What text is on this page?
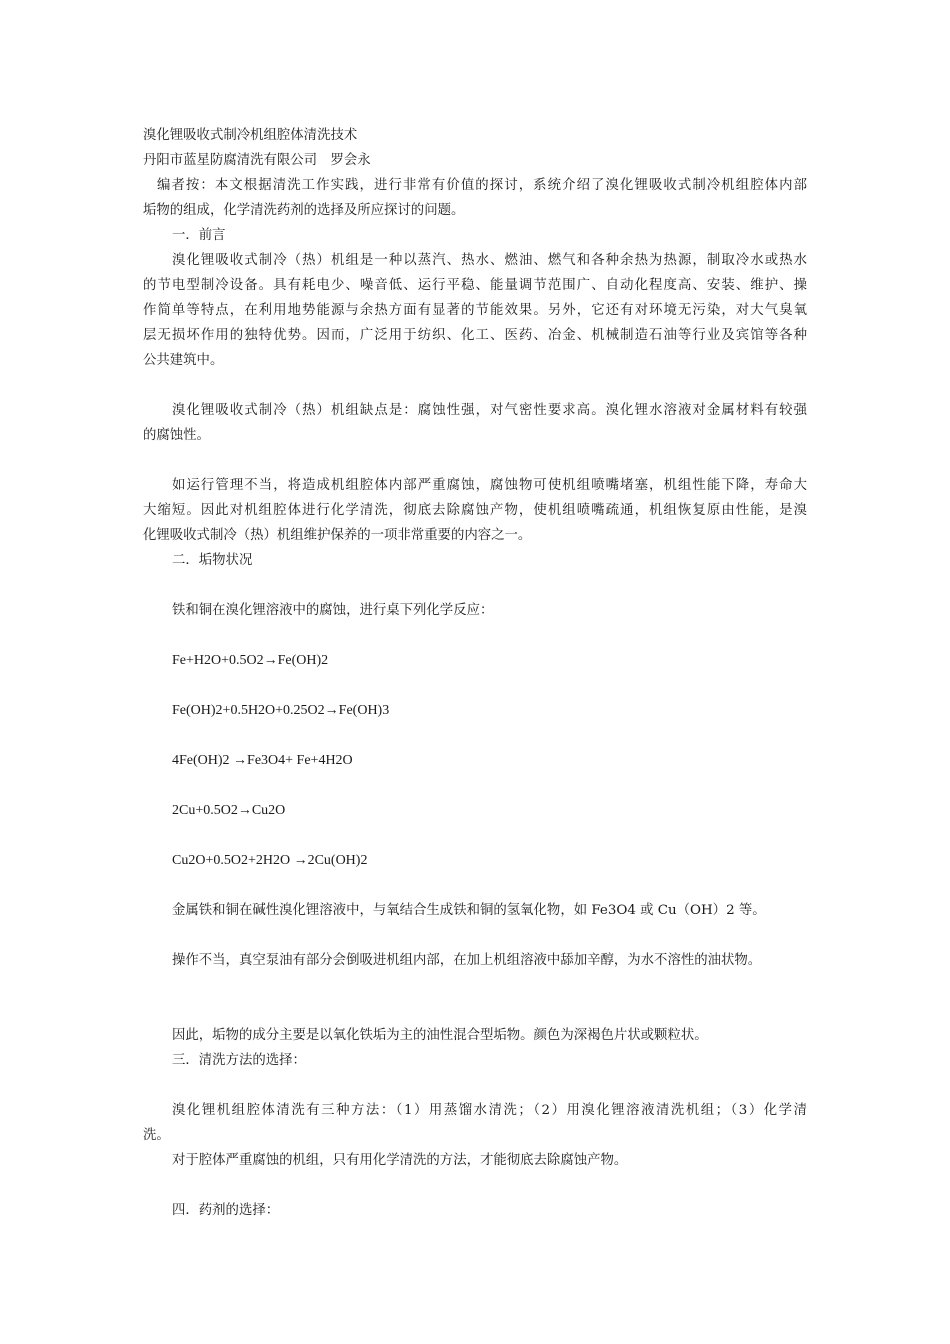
溴化锂吸收式制冷机组腔体清洗技术
丹阳市蓝星防腐清洗有限公司　罗会永
编者按：本文根据清洗工作实践，进行非常有价值的探讨，系统介绍了溴化锂吸收式制冷机组腔体内部
垢物的组成，化学清洗药剂的选择及所应探讨的问题。
一．前言
溴化锂吸收式制冷（热）机组是一种以蒸汽、热水、燃油、燃气和各种余热为热源，制取冷水或热水
的节电型制冷设备。具有耗电少、噪音低、运行平稳、能量调节范围广、自动化程度高、安装、维护、操
作简单等特点，在利用地势能源与余热方面有显著的节能效果。另外，它还有对环境无污染，对大气臭氧
层无损坏作用的独特优势。因而，广泛用于纺织、化工、医药、冶金、机械制造石油等行业及宾馆等各种
公共建筑中。
溴化锂吸收式制冷（热）机组缺点是：腐蚀性强，对气密性要求高。溴化锂水溶液对金属材料有较强
的腐蚀性。
如运行管理不当，将造成机组腔体内部严重腐蚀，腐蚀物可使机组喷嘴堵塞，机组性能下降，寿命大
大缩短。因此对机组腔体进行化学清洗，彻底去除腐蚀产物，使机组喷嘴疏通，机组恢复原由性能，是溴
化锂吸收式制冷（热）机组维护保养的一项非常重要的内容之一。
二．垢物状况
铁和铜在溴化锂溶液中的腐蚀，进行桌下列化学反应：
Fe+H2O+0.5O2→Fe(OH)2
Fe(OH)2+0.5H2O+0.25O2→Fe(OH)3
4Fe(OH)2 →Fe3O4+ Fe+4H2O
2Cu+0.5O2→Cu2O
Cu2O+0.5O2+2H2O →2Cu(OH)2
金属铁和铜在碱性溴化锂溶液中，与氧结合生成铁和铜的氢氧化物，如 Fe3O4 或 Cu（OH）2 等。
操作不当，真空泵油有部分会倒吸进机组内部，在加上机组溶液中舔加辛醇，为水不溶性的油状物。
因此，垢物的成分主要是以氧化铁垢为主的油性混合型垢物。颜色为深褐色片状或颗粒状。
三．清洗方法的选择：
溴化锂机组腔体清洗有三种方法：（1）用蒸馏水清洗；（2）用溴化锂溶液清洗机组；（3）化学清
洗。
对于腔体严重腐蚀的机组，只有用化学清洗的方法，才能彻底去除腐蚀产物。
四．药剂的选择：
